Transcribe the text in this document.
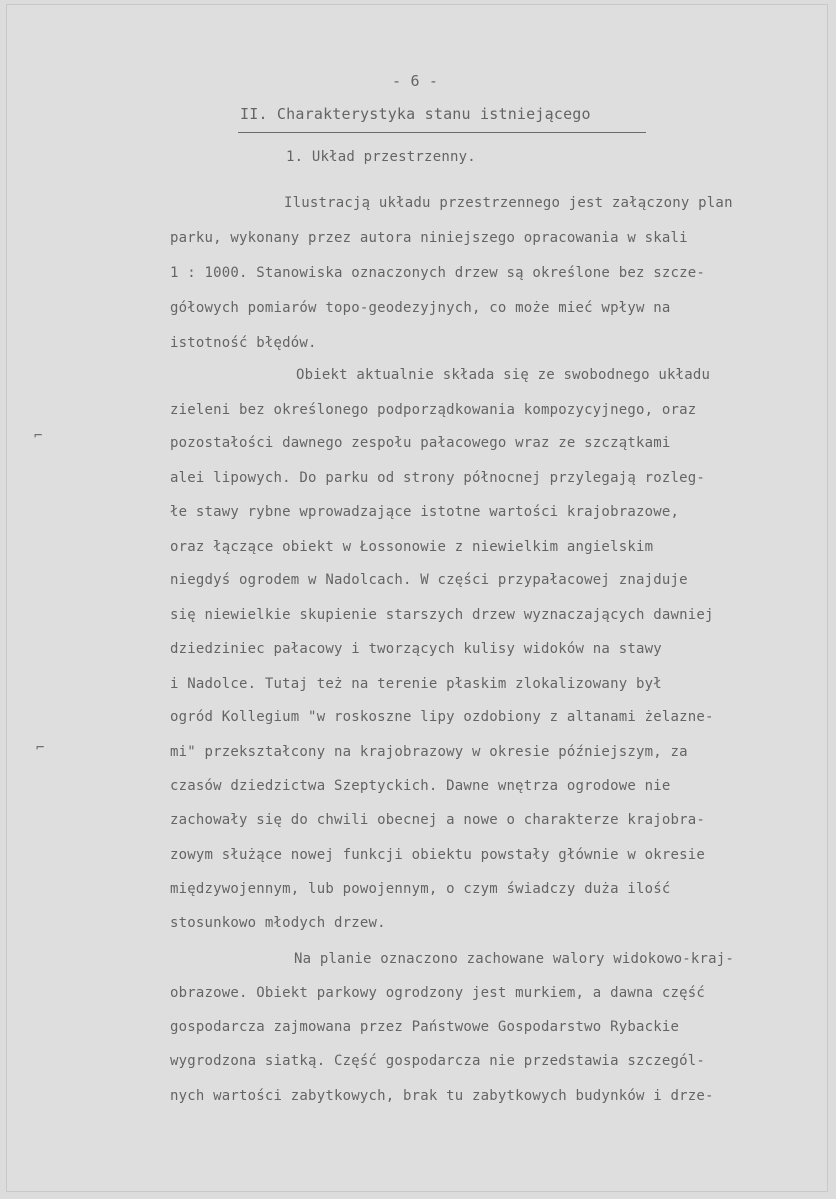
- 6 -
II. Charakterystyka stanu istniejącego
1. Układ przestrzenny.
Ilustracją układu przestrzennego jest załączony plan
parku, wykonany przez autora niniejszego opracowania w skali
1 : 1000. Stanowiska oznaczonych drzew są określone bez szcze-
gółowych pomiarów topo-geodezyjnych, co może mieć wpływ na
istotność błędów.
Obiekt aktualnie składa się ze swobodnego układu
zieleni bez określonego podporządkowania kompozycyjnego, oraz
pozostałości dawnego zespołu pałacowego wraz ze szczątkami
alei lipowych. Do parku od strony północnej przylegają rozleg-
łe stawy rybne wprowadzające istotne wartości krajobrazowe,
oraz łączące obiekt w Łossonowie z niewielkim angielskim
niegdyś ogrodem w Nadolcach. W części przypałacowej znajduje
się niewielkie skupienie starszych drzew wyznaczających dawniej
dziedziniec pałacowy i tworzących kulisy widoków na stawy
i Nadolce. Tutaj też na terenie płaskim zlokalizowany był
ogród Kollegium "w roskoszne lipy ozdobiony z altanami żelazne-
mi" przekształcony na krajobrazowy w okresie późniejszym, za
czasów dziedzictwa Szeptyckich. Dawne wnętrza ogrodowe nie
zachowały się do chwili obecnej a nowe o charakterze krajobra-
zowym służące nowej funkcji obiektu powstały głównie w okresie
międzywojennym, lub powojennym, o czym świadczy duża ilość
stosunkowo młodych drzew.
Na planie oznaczono zachowane walory widokowo-kraj-
obrazowe. Obiekt parkowy ogrodzony jest murkiem, a dawna część
gospodarcza zajmowana przez Państwowe Gospodarstwo Rybackie
wygrodzona siatką. Część gospodarcza nie przedstawia szczegól-
nych wartości zabytkowych, brak tu zabytkowych budynków i drze-
⌐
⌐
